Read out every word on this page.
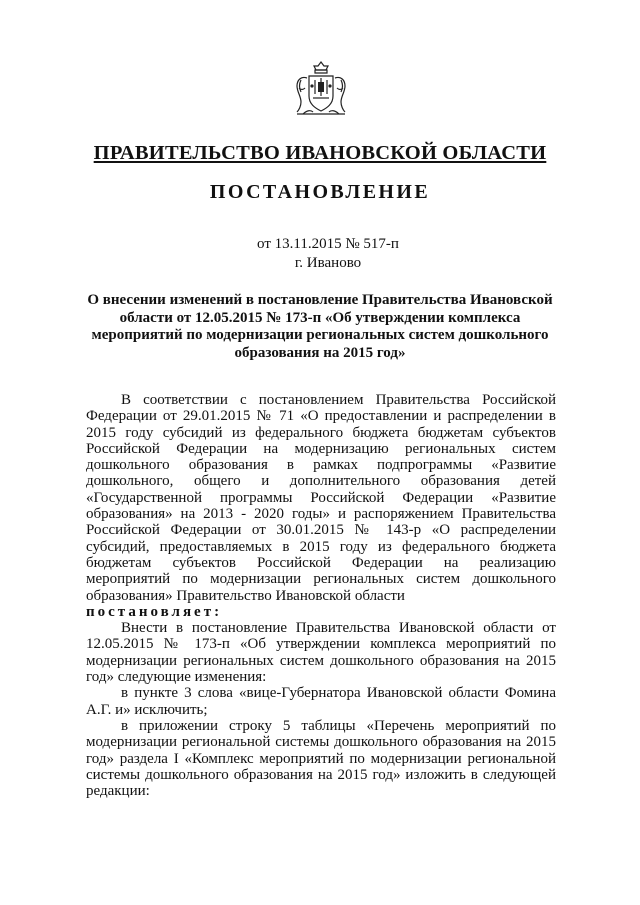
ПРАВИТЕЛЬСТВО ИВАНОВСКОЙ ОБЛАСТИ
ПОСТАНОВЛЕНИЕ
от 13.11.2015 № 517-п
г. Иваново
О внесении изменений в постановление Правительства Ивановской области от 12.05.2015 № 173-п «Об утверждении комплекса мероприятий по модернизации региональных систем дошкольного образования на 2015 год»

В соответствии с постановлением Правительства Российской Федерации от 29.01.2015 № 71 «О предоставлении и распределении в 2015 году субсидий из федерального бюджета бюджетам субъектов Российской Федерации на модернизацию региональных систем дошкольного образования в рамках подпрограммы «Развитие дошкольного, общего и дополнительного образования детей «Государственной программы Российской Федерации «Развитие образования» на 2013 - 2020 годы» и распоряжением Правительства Российской Федерации от 30.01.2015 № 143-р «О распределении субсидий, предоставляемых в 2015 году из федерального бюджета бюджетам субъектов Российской Федерации на реализацию мероприятий по модернизации региональных систем дошкольного образования» Правительство Ивановской области

постановляет:

Внести в постановление Правительства Ивановской области от 12.05.2015 № 173-п «Об утверждении комплекса мероприятий по модернизации региональных систем дошкольного образования на 2015 год» следующие изменения:

в пункте 3 слова «вице-Губернатора Ивановской области Фомина А.Г. и» исключить;

в приложении строку 5 таблицы «Перечень мероприятий по модернизации региональной системы дошкольного образования на 2015 год» раздела I «Комплекс мероприятий по модернизации региональной системы дошкольного образования на 2015 год» изложить в следующей редакции:
